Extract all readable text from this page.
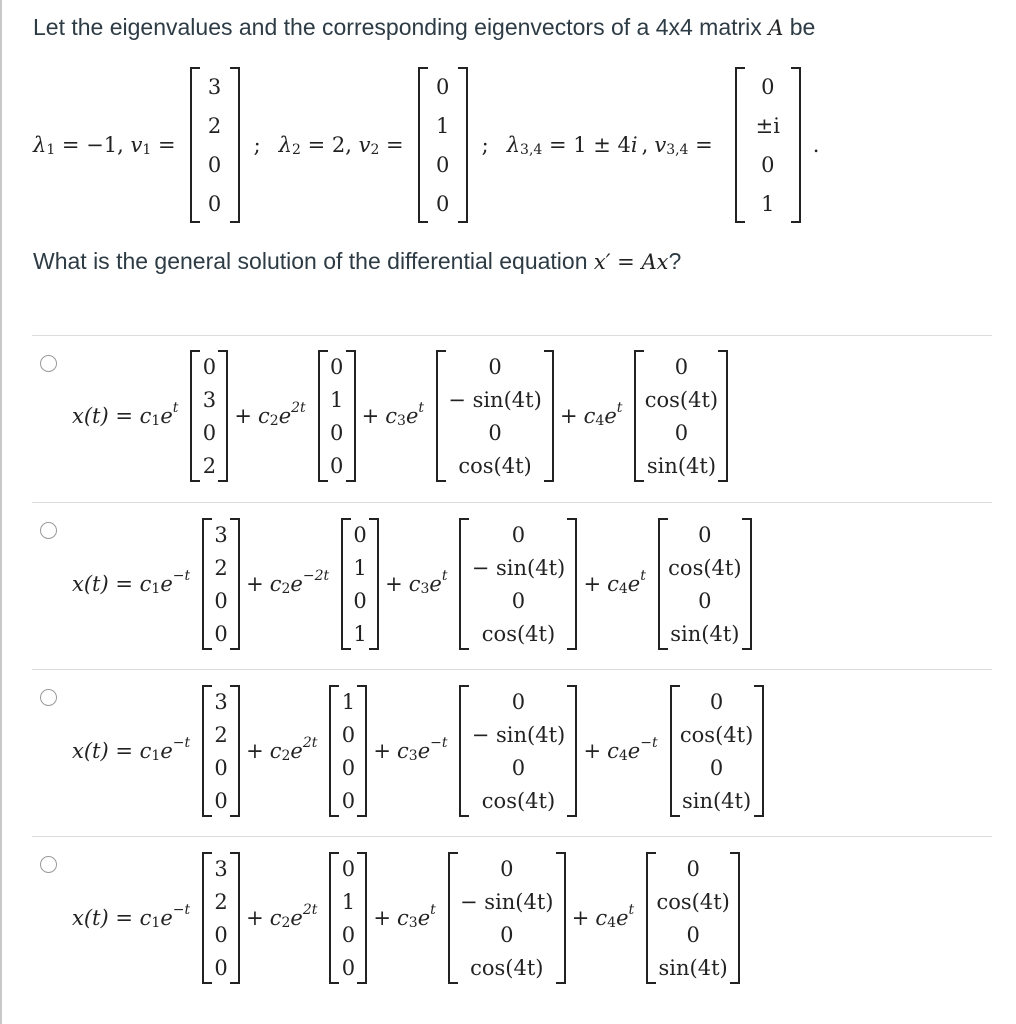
Let the eigenvalues and the corresponding eigenvectors of a 4x4 matrix A be
$\lambda_1 = -1$, $v_1$ =
3
2
0
0
; $\lambda_2 = 2$, $v_2$ =
0
1
0
0
; $\lambda_{3,4} = 1 \pm 4$ i , $v_{3,4}$ =
0
±i
0
1
.
What is the general solution of the differential equation x′ = Ax?
$x(t) = c_1$ $e^t$
0
3
0
2
+ $c_2$ $e^{2t}$
0
1
0
0
+ $c_3$ $e^t$
0
− sin(4t)
0
cos(4t)
+ $c_4$ $e^t$
0
cos(4t)
0
sin(4t)
$x(t) = c_1$ $e^{-t}$
3
2
0
0
+ $c_2$ $e^{-2t}$
0
1
0
1
+ $c_3$ $e^t$
0
− sin(4t)
0
cos(4t)
+ $c_4$ $e^t$
0
cos(4t)
0
sin(4t)
$x(t) = c_1$ $e^{-t}$
3
2
0
0
+ $c_2$ $e^{2t}$
1
0
0
0
+ $c_3$ $e^{-t}$
0
− sin(4t)
0
cos(4t)
+ $c_4$ $e^{-t}$
0
cos(4t)
0
sin(4t)
$x(t) = c_1$ $e^{-t}$
3
2
0
0
+ $c_2$ $e^{2t}$
0
1
0
0
+ $c_3$ $e^t$
0
− sin(4t)
0
cos(4t)
+ $c_4$ $e^t$
0
cos(4t)
0
sin(4t)
